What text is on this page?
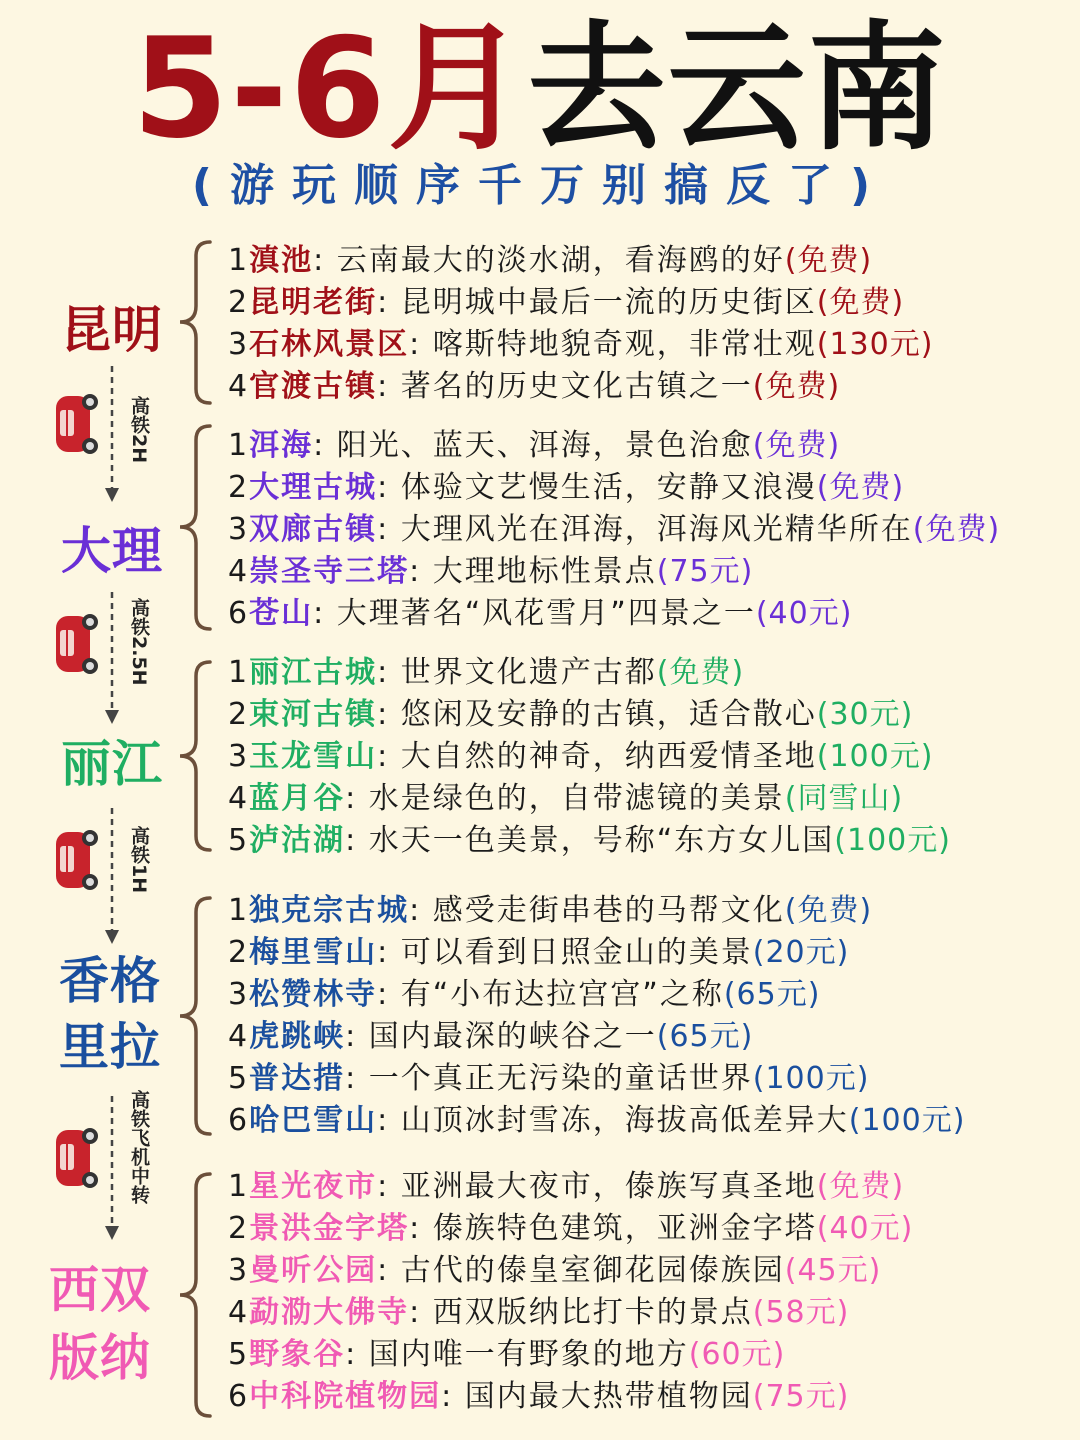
5-6月去云南
(游玩顺序千万别搞反了)
昆明
1滇池: 云南最大的淡水湖，看海鸥的好(免费)
2昆明老街: 昆明城中最后一流的历史街区(免费)
3石林风景区: 喀斯特地貌奇观，非常壮观(130元)
4官渡古镇: 著名的历史文化古镇之一(免费)
高铁2H
大理
1洱海: 阳光、蓝天、洱海，景色治愈(免费)
2大理古城: 体验文艺慢生活，安静又浪漫(免费)
3双廊古镇: 大理风光在洱海，洱海风光精华所在(免费)
4崇圣寺三塔: 大理地标性景点(75元)
6苍山: 大理著名“风花雪月”四景之一(40元)
高铁2.5H
丽江
1丽江古城: 世界文化遗产古都(免费)
2束河古镇: 悠闲及安静的古镇，适合散心(30元)
3玉龙雪山: 大自然的神奇，纳西爱情圣地(100元)
4蓝月谷: 水是绿色的，自带滤镜的美景(同雪山)
5泸沽湖: 水天一色美景，号称“东方女儿国(100元)
高铁1H
香格里拉
1独克宗古城: 感受走街串巷的马帮文化(免费)
2梅里雪山: 可以看到日照金山的美景(20元)
3松赞林寺: 有“小布达拉宫宫”之称(65元)
4虎跳峡: 国内最深的峡谷之一(65元)
5普达措: 一个真正无污染的童话世界(100元)
6哈巴雪山: 山顶冰封雪冻，海拔高低差异大(100元)
高铁飞机中转
西双版纳
1星光夜市: 亚洲最大夜市，傣族写真圣地(免费)
2景洪金字塔: 傣族特色建筑，亚洲金字塔(40元)
3曼听公园: 古代的傣皇室御花园傣族园(45元)
4勐泐大佛寺: 西双版纳比打卡的景点(58元)
5野象谷: 国内唯一有野象的地方(60元)
6中科院植物园: 国内最大热带植物园(75元)
